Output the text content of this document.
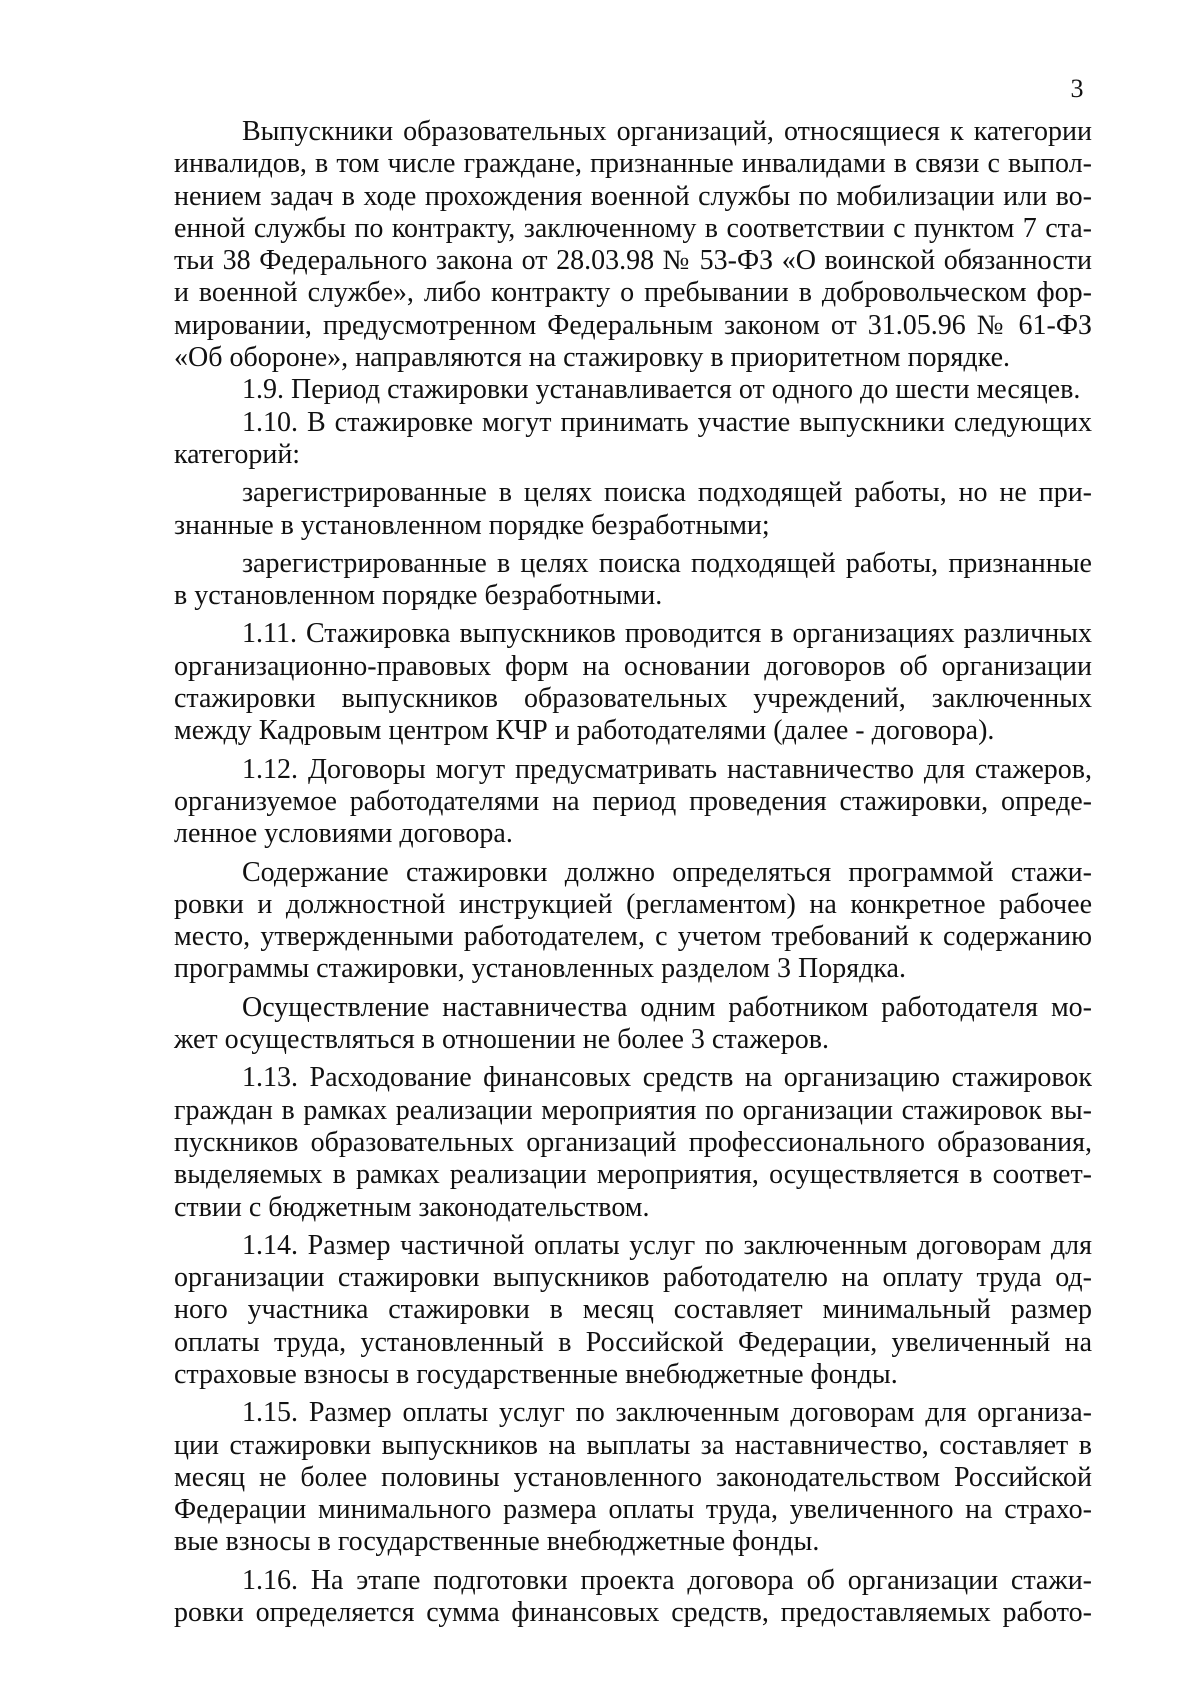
3
Выпускники образовательных организаций, относящиеся к категории
инвалидов, в том числе граждане, признанные инвалидами в связи с выпол-
нением задач в ходе прохождения военной службы по мобилизации или во-
енной службы по контракту, заключенному в соответствии с пунктом 7 ста-
тьи 38 Федерального закона от 28.03.98 № 53-ФЗ «О воинской обязанности
и военной службе», либо контракту о пребывании в добровольческом фор-
мировании, предусмотренном Федеральным законом от 31.05.96 № 61-ФЗ
«Об обороне», направляются на стажировку в приоритетном порядке.
1.9. Период стажировки устанавливается от одного до шести месяцев.
1.10. В стажировке могут принимать участие выпускники следующих
категорий:
зарегистрированные в целях поиска подходящей работы, но не при-
знанные в установленном порядке безработными;
зарегистрированные в целях поиска подходящей работы, признанные
в установленном порядке безработными.
1.11. Стажировка выпускников проводится в организациях различных
организационно-правовых форм на основании договоров об организации
стажировки выпускников образовательных учреждений, заключенных
между Кадровым центром КЧР и работодателями (далее - договора).
1.12. Договоры могут предусматривать наставничество для стажеров,
организуемое работодателями на период проведения стажировки, опреде-
ленное условиями договора.
Содержание стажировки должно определяться программой стажи-
ровки и должностной инструкцией (регламентом) на конкретное рабочее
место, утвержденными работодателем, с учетом требований к содержанию
программы стажировки, установленных разделом 3 Порядка.
Осуществление наставничества одним работником работодателя мо-
жет осуществляться в отношении не более 3 стажеров.
1.13. Расходование финансовых средств на организацию стажировок
граждан в рамках реализации мероприятия по организации стажировок вы-
пускников образовательных организаций профессионального образования,
выделяемых в рамках реализации мероприятия, осуществляется в соответ-
ствии с бюджетным законодательством.
1.14. Размер частичной оплаты услуг по заключенным договорам для
организации стажировки выпускников работодателю на оплату труда од-
ного участника стажировки в месяц составляет минимальный размер
оплаты труда, установленный в Российской Федерации, увеличенный на
страховые взносы в государственные внебюджетные фонды.
1.15. Размер оплаты услуг по заключенным договорам для организа-
ции стажировки выпускников на выплаты за наставничество, составляет в
месяц не более половины установленного законодательством Российской
Федерации минимального размера оплаты труда, увеличенного на страхо-
вые взносы в государственные внебюджетные фонды.
1.16. На этапе подготовки проекта договора об организации стажи-
ровки определяется сумма финансовых средств, предоставляемых работо-
